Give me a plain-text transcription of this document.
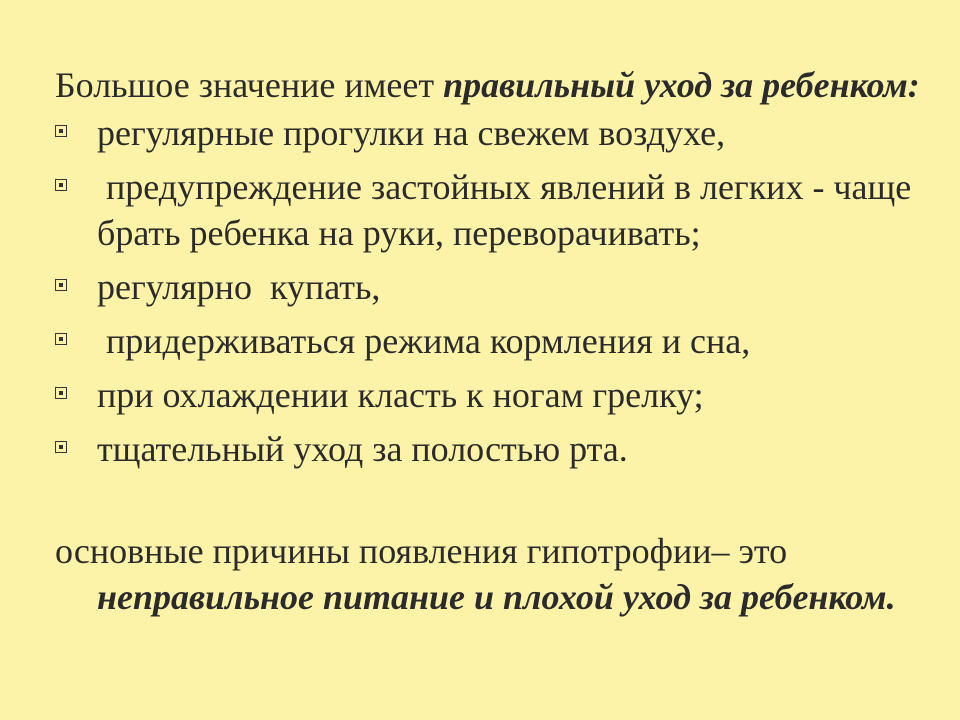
Большое значение имеет правильный уход за ребенком:

регулярные прогулки на свежем воздухе,
предупреждение застойных явлений в легких - чаще брать ребенка на руки, переворачивать;
регулярно  купать,
придерживаться режима кормления и сна,
при охлаждении класть к ногам грелку;
тщательный уход за полостью рта.

основные причины появления гипотрофии– это неправильное питание и плохой уход за ребенком.
